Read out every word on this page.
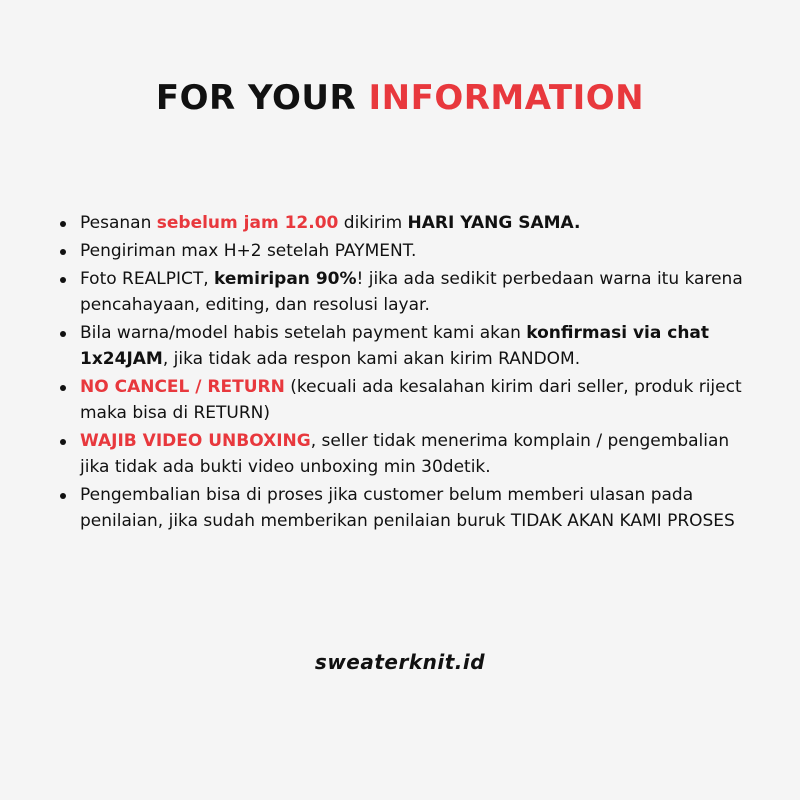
FOR YOUR INFORMATION
Pesanan sebelum jam 12.00 dikirim HARI YANG SAMA.
Pengiriman max H+2 setelah PAYMENT.
Foto REALPICT, kemiripan 90%! jika ada sedikit perbedaan warna itu karena pencahayaan, editing, dan resolusi layar.
Bila warna/model habis setelah payment kami akan konfirmasi via chat 1x24JAM, jika tidak ada respon kami akan kirim RANDOM.
NO CANCEL / RETURN (kecuali ada kesalahan kirim dari seller, produk riject maka bisa di RETURN)
WAJIB VIDEO UNBOXING, seller tidak menerima komplain / pengembalian jika tidak ada bukti video unboxing min 30detik.
Pengembalian bisa di proses jika customer belum memberi ulasan pada penilaian, jika sudah memberikan penilaian buruk TIDAK AKAN KAMI PROSES
sweaterknit.id
